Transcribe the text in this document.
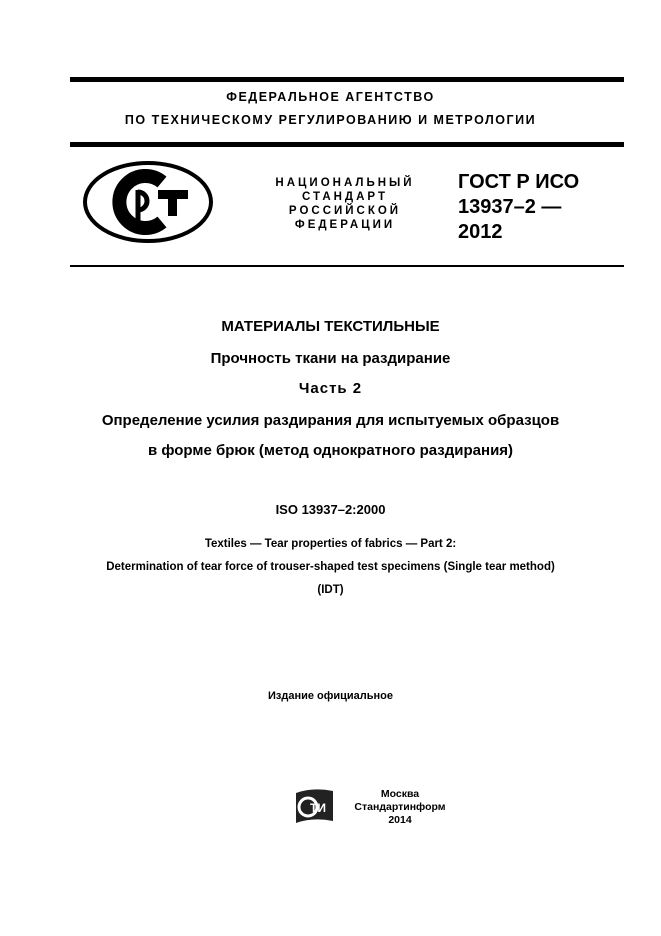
ФЕДЕРАЛЬНОЕ АГЕНТСТВО
ПО ТЕХНИЧЕСКОМУ РЕГУЛИРОВАНИЮ И МЕТРОЛОГИИ
НАЦИОНАЛЬНЫЙ
СТАНДАРТ
РОССИЙСКОЙ
ФЕДЕРАЦИИ
ГОСТ Р ИСО
13937–2 —
2012
МАТЕРИАЛЫ ТЕКСТИЛЬНЫЕ
Прочность ткани на раздирание
Часть 2
Определение усилия раздирания для испытуемых образцов
в форме брюк (метод однократного раздирания)
ISO 13937–2:2000
Textiles — Tear properties of fabrics — Part 2:
Determination of tear force of trouser-shaped test specimens (Single tear method)
(IDT)
Издание официальное
ТИ
Москва
Стандартинформ
2014
